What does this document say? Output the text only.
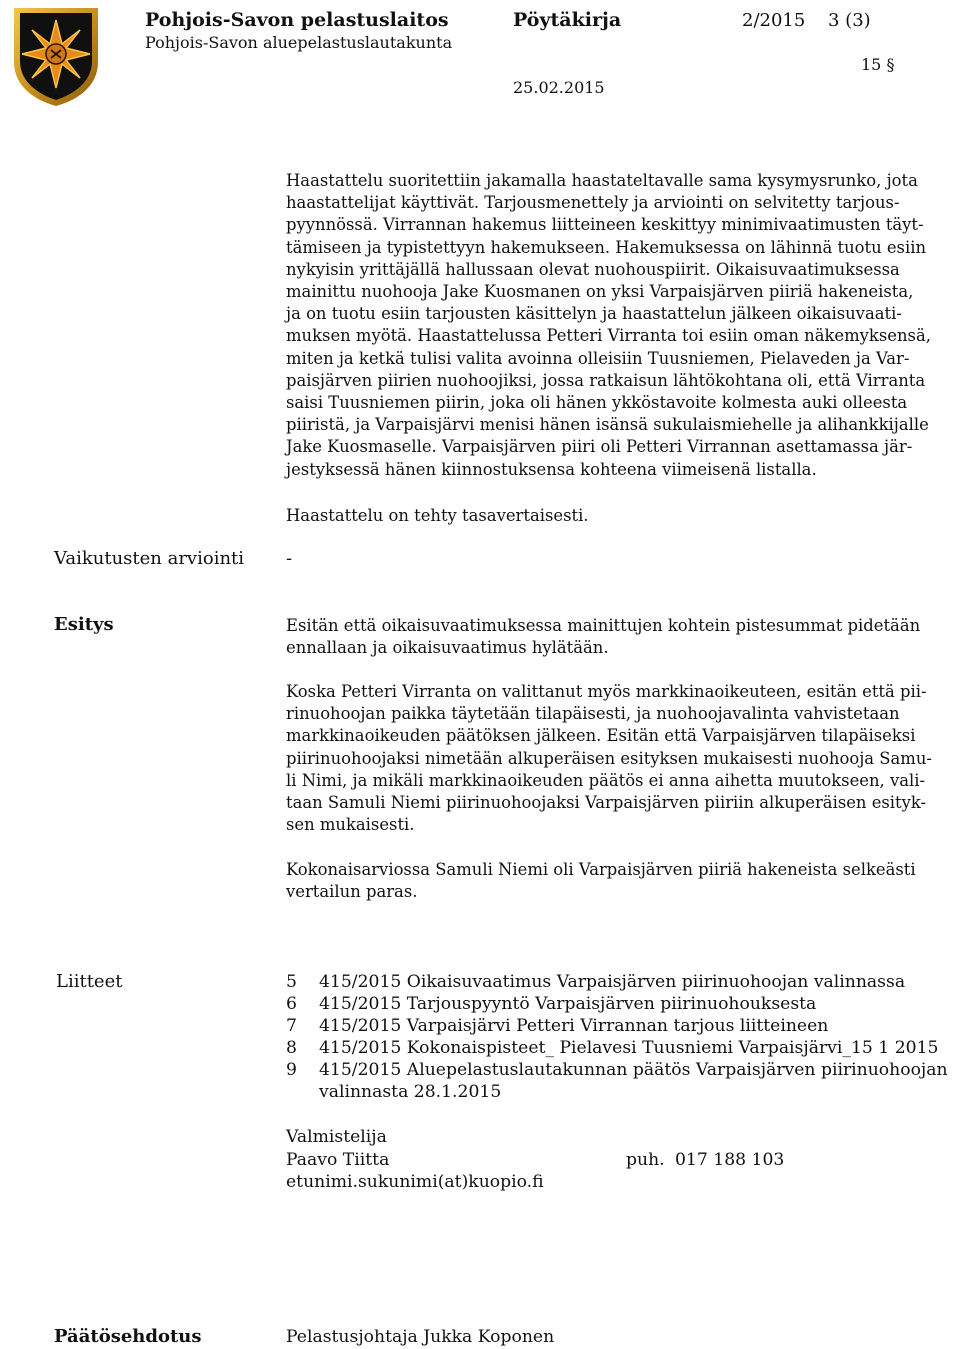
Pohjois-Savon pelastuslaitos
Pohjois-Savon aluepelastuslautakunta
Pöytäkirja	2/2015 3 (3)
15 §
25.02.2015
Haastattelu suoritettiin jakamalla haastateltavalle sama kysymysrunko, jota
haastattelijat käyttivät. Tarjousmenettely ja arviointi on selvitetty tarjous-
pyynnössä. Virrannan hakemus liitteineen keskittyy minimivaatimusten täyt-
tämiseen ja typistettyyn hakemukseen. Hakemuksessa on lähinnä tuotu esiin
nykyisin yrittäjällä hallussaan olevat nuohouspiirit. Oikaisuvaatimuksessa
mainittu nuohooja Jake Kuosmanen on yksi Varpaisjärven piiriä hakeneista,
ja on tuotu esiin tarjousten käsittelyn ja haastattelun jälkeen oikaisuvaati-
muksen myötä. Haastattelussa Petteri Virranta toi esiin oman näkemyksensä,
miten ja ketkä tulisi valita avoinna olleisiin Tuusniemen, Pielaveden ja Var-
paisjärven piirien nuohoojiksi, jossa ratkaisun lähtökohtana oli, että Virranta
saisi Tuusniemen piirin, joka oli hänen ykköstavoite kolmesta auki olleesta
piiristä, ja Varpaisjärvi menisi hänen isänsä sukulaismiehelle ja alihankkijalle
Jake Kuosmaselle. Varpaisjärven piiri oli Petteri Virrannan asettamassa jär-
jestyksessä hänen kiinnostuksensa kohteena viimeisenä listalla.
Haastattelu on tehty tasavertaisesti.
Vaikutusten arviointi -
Esitys	Esitän että oikaisuvaatimuksessa mainittujen kohtein pistesummat pidetään
ennallaan ja oikaisuvaatimus hylätään.
Koska Petteri Virranta on valittanut myös markkinaoikeuteen, esitän että pii-
rinuohoojan paikka täytetään tilapäisesti, ja nuohoojavalinta vahvistetaan
markkinaoikeuden päätöksen jälkeen. Esitän että Varpaisjärven tilapäiseksi
piirinuohoojaksi nimetään alkuperäisen esityksen mukaisesti nuohooja Samu-
li Nimi, ja mikäli markkinaoikeuden päätös ei anna aihetta muutokseen, vali-
taan Samuli Niemi piirinuohoojaksi Varpaisjärven piiriin alkuperäisen esityk-
sen mukaisesti.
Kokonaisarviossa Samuli Niemi oli Varpaisjärven piiriä hakeneista selkeästi
vertailun paras.
Liitteet	5	415/2015 Oikaisuvaatimus Varpaisjärven piirinuohoojan valinnassa
6	415/2015 Tarjouspyyntö Varpaisjärven piirinuohouksesta
7	415/2015 Varpaisjärvi Petteri Virrannan tarjous liitteineen
8	415/2015 Kokonaispisteet_ Pielavesi Tuusniemi Varpaisjärvi_15 1 2015
9	415/2015 Aluepelastuslautakunnan päätös Varpaisjärven piirinuohoojan
valinnasta 28.1.2015
Valmistelija
Paavo Tiitta	puh. 017 188 103
etunimi.sukunimi(at)kuopio.fi
Päätösehdotus	Pelastusjohtaja Jukka Koponen
